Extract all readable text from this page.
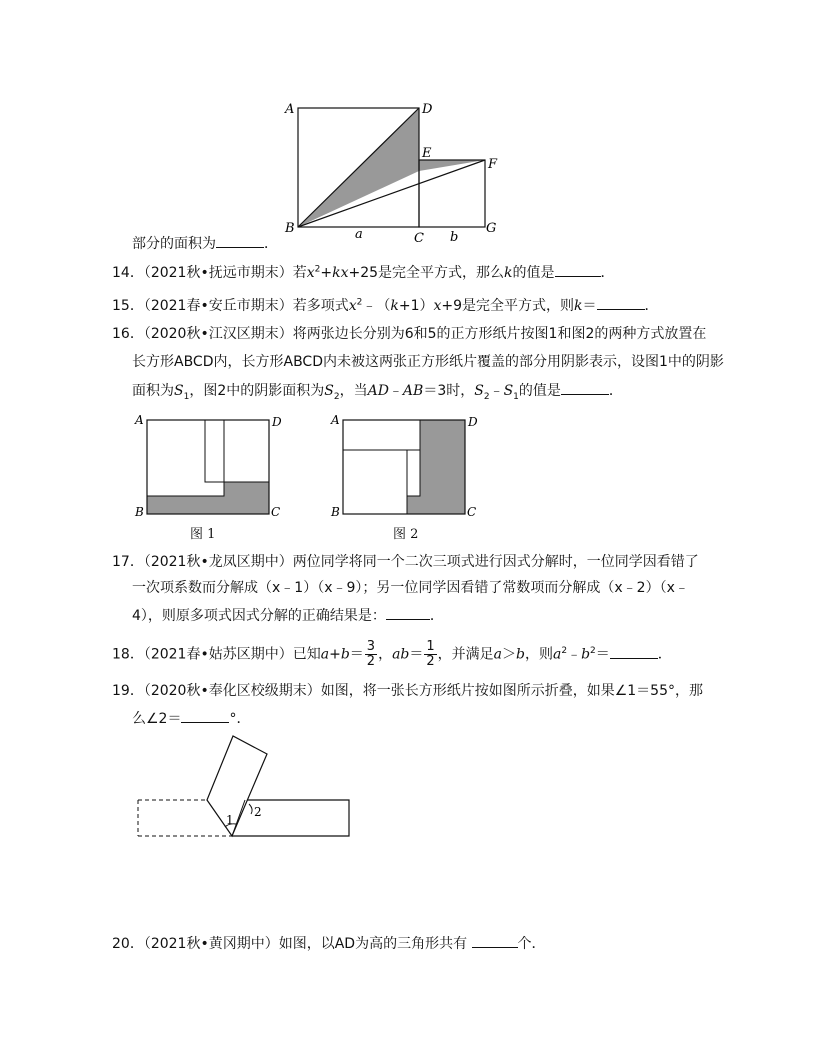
A	D
E
F
B
C
G
a	b
部分的面积为	．
14．（2021秋•抚远市期末）若$x^2+kx+25$是完全平方式，那么k的值是	．
15．（2021春•安丘市期末）若多项式$x^2﹣(k+1)x+9$是完全平方式，则k＝	．
16．（2020秋•江汉区期末）将两张边长分别为6和5的正方形纸片按图1和图2的两种方式放置在
长方形ABCD内，长方形ABCD内未被这两张正方形纸片覆盖的部分用阴影表示，设图1中的阴影
面积为$S_1$，图2中的阴影面积为$S_2$，当AD﹣AB＝3时，$S_2﹣S_1$的值是	．
A	D
B	C
图 1
A	D
B	C
图 2
17．（2021秋•龙凤区期中）两位同学将同一个二次三项式进行因式分解时，一位同学因看错了
一次项系数而分解成（x﹣1）（x﹣9）；另一位同学因看错了常数项而分解成（x﹣2）（x﹣
4），则原多项式因式分解的正确结果是：	．
18．（2021春•姑苏区期中）已知$a+b= \frac{3}{2}$ ，$ab= \frac{1}{2}$ ，并满足a＞b，则$a^2﹣b^2=$	．
19．（2020秋•奉化区校级期末）如图，将一张长方形纸片按如图所示折叠，如果∠1＝55°，那
么∠2＝	°．
1
2
20．（2021秋•黄冈期中）如图，以AD为高的三角形共有	个．
